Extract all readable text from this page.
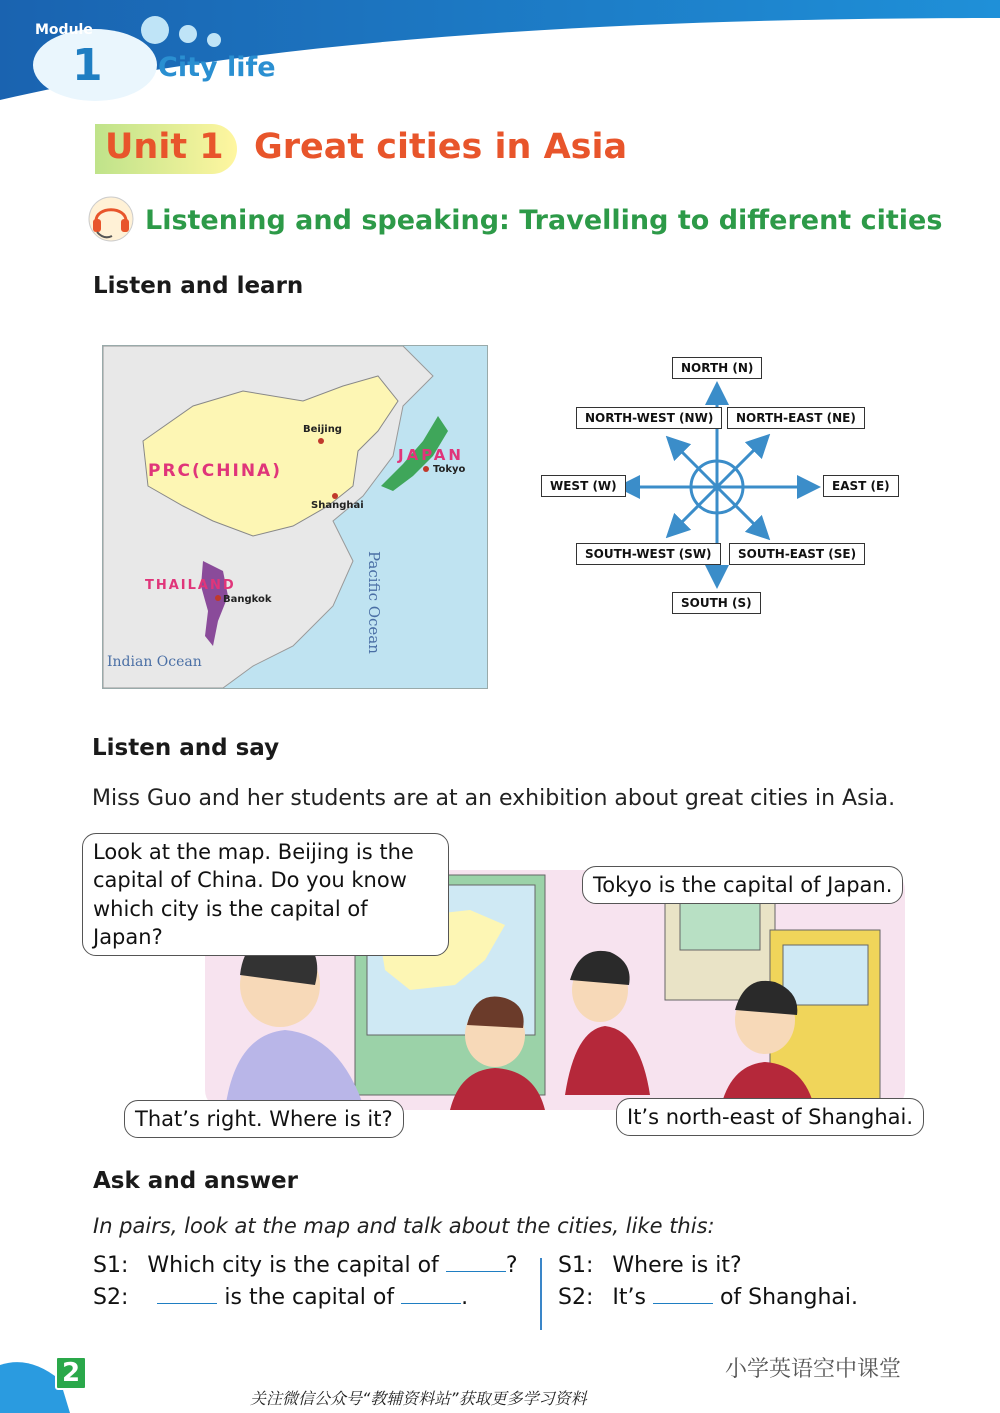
Module
1 City life
Unit 1 Great cities in Asia
Listening and speaking: Travelling to different cities
Listen and learn
PRC(CHINA)
JAPAN
THAILAND
Beijing
Tokyo
Shanghai
Bangkok	Pacific Ocean
Indian Ocean
NORTH (N)
NORTH-WEST (NW)	NORTH-EAST (NE)
WEST (W)	EAST (E)
SOUTH-WEST (SW)	SOUTH-EAST (SE)
SOUTH (S)
Listen and say
Miss Guo and her students are at an exhibition about great cities in Asia.
Look at the map. Beijing is the capital of China. Do you know which city is the capital of Japan?
Tokyo is the capital of Japan.
That’s right. Where is it?	It’s north-east of Shanghai.
Ask and answer
In pairs, look at the map and talk about the cities, like this:
S1: Which city is the capital of	?
S2:	is the capital of	.
S1: Where is it?
S2: It’s	of Shanghai.
2	小学英语空中课堂
关注微信公众号“教辅资料站”获取更多学习资料
